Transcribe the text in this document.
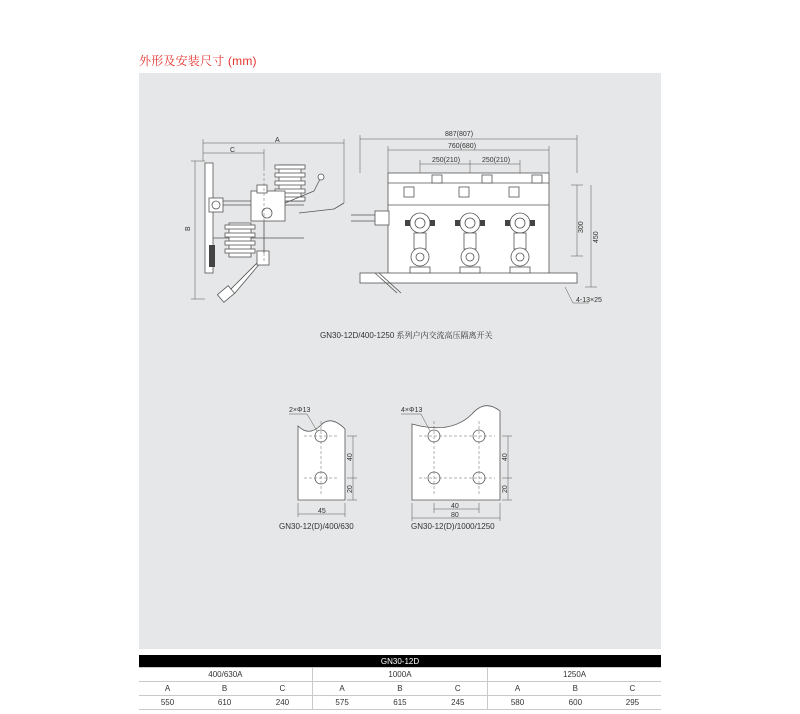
外形及安装尺寸 (mm)
A
C
B
887(807)
760(680)
250(210)	250(210)
300
450
4-13×25
GN30-12D/400-1250 系列户内交流高压隔离开关
2×Φ13
40
20
45
GN30-12(D)/400/630
4×Φ13
40
20
40
80
GN30-12(D)/1000/1250
GN30-12D								
400/630A			1000A			1250A		
A	B	C	A	B	C	A	B	C
550	610	240	575	615	245	580	600	295
